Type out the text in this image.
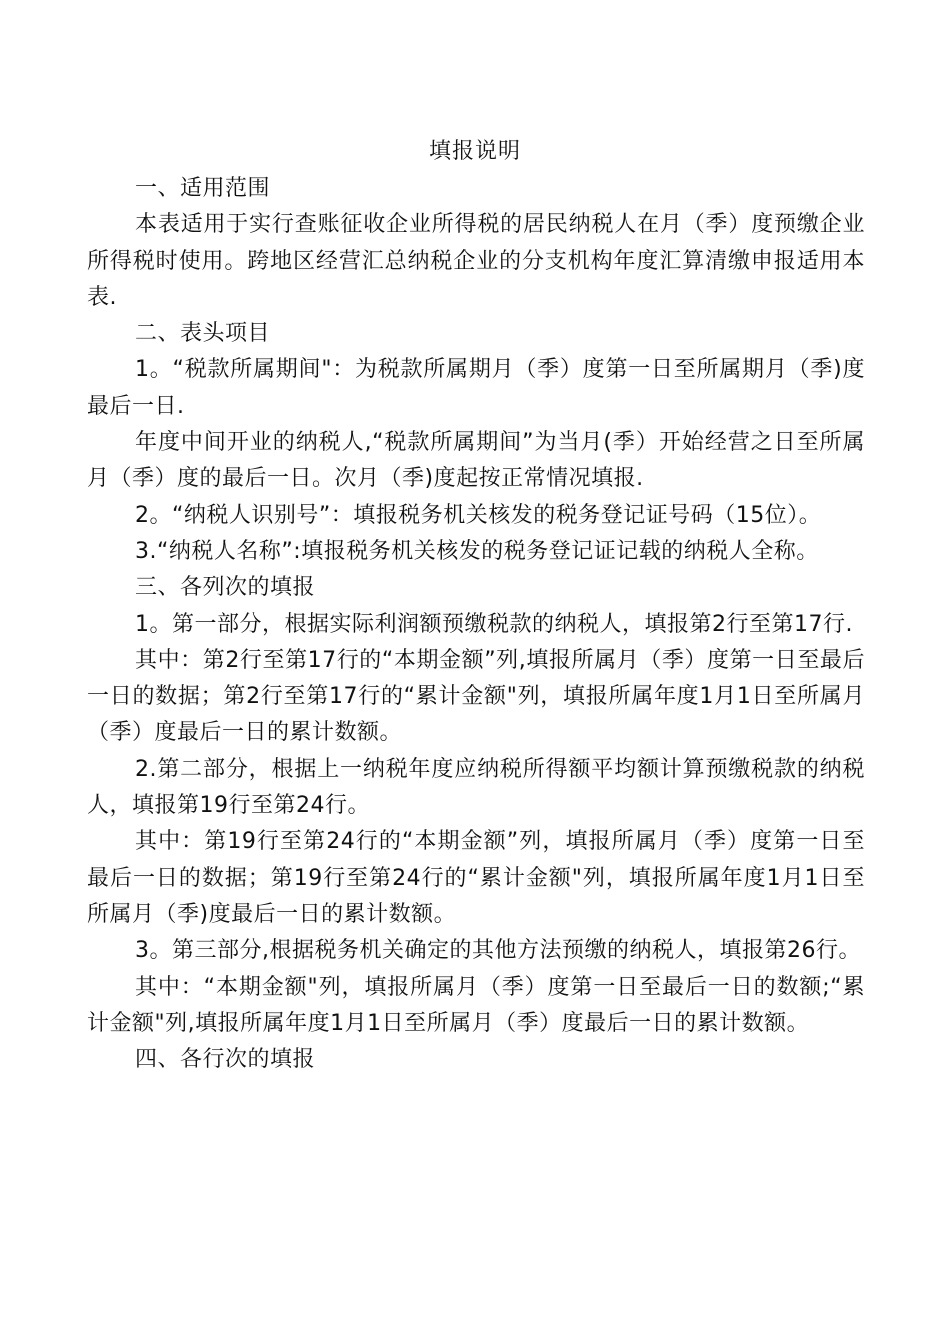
填报说明

一、适用范围

本表适用于实行查账征收企业所得税的居民纳税人在月（季）度预缴企业所得税时使用。跨地区经营汇总纳税企业的分支机构年度汇算清缴申报适用本表.

二、表头项目

1。“税款所属期间"：为税款所属期月（季）度第一日至所属期月（季)度最后一日.

年度中间开业的纳税人,“税款所属期间”为当月(季）开始经营之日至所属月（季）度的最后一日。次月（季)度起按正常情况填报.

2。“纳税人识别号”：填报税务机关核发的税务登记证号码（15位）。

3.“纳税人名称”:填报税务机关核发的税务登记证记载的纳税人全称。

三、各列次的填报

1。第一部分，根据实际利润额预缴税款的纳税人，填报第2行至第17行.

其中：第2行至第17行的“本期金额”列,填报所属月（季）度第一日至最后一日的数据；第2行至第17行的“累计金额"列，填报所属年度1月1日至所属月（季）度最后一日的累计数额。

2.第二部分，根据上一纳税年度应纳税所得额平均额计算预缴税款的纳税人，填报第19行至第24行。

其中：第19行至第24行的“本期金额”列，填报所属月（季）度第一日至最后一日的数据；第19行至第24行的“累计金额"列，填报所属年度1月1日至所属月（季)度最后一日的累计数额。

3。第三部分,根据税务机关确定的其他方法预缴的纳税人，填报第26行。

其中：“本期金额"列，填报所属月（季）度第一日至最后一日的数额;“累计金额"列,填报所属年度1月1日至所属月（季）度最后一日的累计数额。

四、各行次的填报
